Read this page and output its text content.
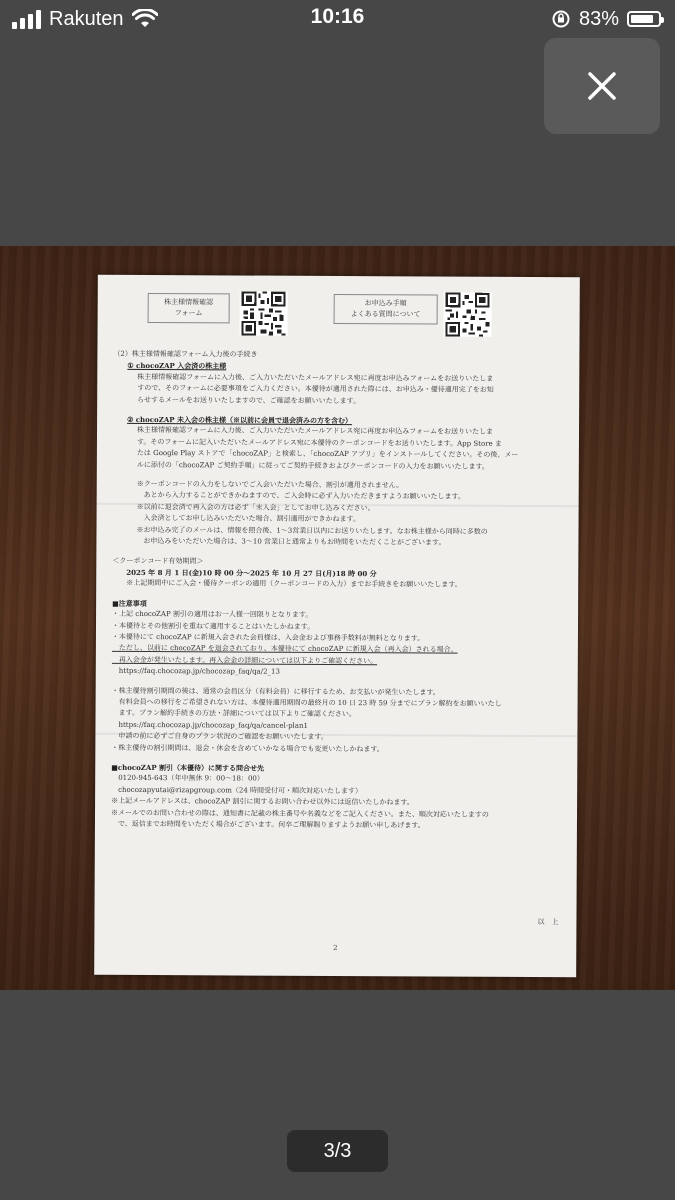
Rakuten	10:16	83%
株主様情報確認
フォーム
お申込み手順
よくある質問について

（2）株主様情報確認フォーム入力後の手続き

① chocoZAP 入会済の株主様

株主様情報確認フォームに入力後、ご入力いただいたメールアドレス宛に再度お申込みフォームをお送りいたしま

すので、そのフォームに必要事項をご入力ください。本優待が適用された際には、お申込み・優待適用完了をお知

らせするメールをお送りいたしますので、ご確認をお願いいたします。

② chocoZAP 未入会の株主様（※以前に会員で退会済みの方を含む）

株主様情報確認フォームに入力後、ご入力いただいたメールアドレス宛に再度お申込みフォームをお送りいたしま

す。そのフォームに記入いただいたメールアドレス宛に本優待のクーポンコードをお送りいたします。App Store ま

たは Google Play ストアで「chocoZAP」と検索し、「chocoZAP アプリ」をインストールしてください。その後、メー

ルに添付の「chocoZAP ご契約手順」に従ってご契約手続きおよびクーポンコードの入力をお願いいたします。

※クーポンコードの入力をしないでご入会いただいた場合、割引が適用されません。

　あとから入力することができかねますので、ご入会時に必ず入力いただきますようお願いいたします。

※以前に退会済で再入会の方は必ず「未入会」としてお申し込みください。

　入会済としてお申し込みいただいた場合、割引適用ができかねます。

※お申込み完了のメールは、情報を照合後、1～3営業日以内にお送りいたします。なお株主様から同時に多数の

　お申込みをいただいた場合は、3～10 営業日と通常よりもお時間をいただくことがございます。

＜クーポンコード有効期間＞

2025 年 8 月 1 日(金)10 時 00 分～2025 年 10 月 27 日(月)18 時 00 分

※上記期間中にご入会・優待クーポンの適用（クーポンコードの入力）までお手続きをお願いいたします。

■注意事項

・上記 chocoZAP 割引の適用はお一人様一回限りとなります。

・本優待とその他割引を重ねて適用することはいたしかねます。

・本優待にて chocoZAP に新規入会された会員様は、入会金および事務手数料が無料となります。

　ただし、以前に chocoZAP を退会されており、本優待にて chocoZAP に新規入会（再入会）される場合、

　再入会金が発生いたします。再入会金の詳細については以下よりご確認ください。

　https://faq.chocozap.jp/chocozap_faq/qa/2_13

・株主優待割引期間の後は、通常の会員区分（有料会員）に移行するため、お支払いが発生いたします。

　有料会員への移行をご希望されない方は、本優待適用期間の最終月の 10 日 23 時 59 分までにプラン解約をお願いいたし

　ます。プラン解約手続きの方法・詳細については以下よりご確認ください。

　https://faq.chocozap.jp/chocozap_faq/qa/cancel-plan1

　申請の前に必ずご自身のプラン状況のご確認をお願いいたします。

・株主優待の割引期間は、退会・休会を含めていかなる場合でも変更いたしかねます。

■chocoZAP 割引（本優待）に関する問合せ先

　0120-945-643（年中無休 9：00～18：00）

　chocozapyutai@rizapgroup.com（24 時間受付可・順次対応いたします）

※上記メールアドレスは、chocoZAP 割引に関するお問い合わせ以外には返信いたしかねます。

※メールでのお問い合わせの際は、通知書に記載の株主番号や名義などをご記入ください。また、順次対応いたしますの

　で、返信までお時間をいただく場合がございます。何卒ご理解賜りますようお願い申しあげます。

以　上

2
3/3
